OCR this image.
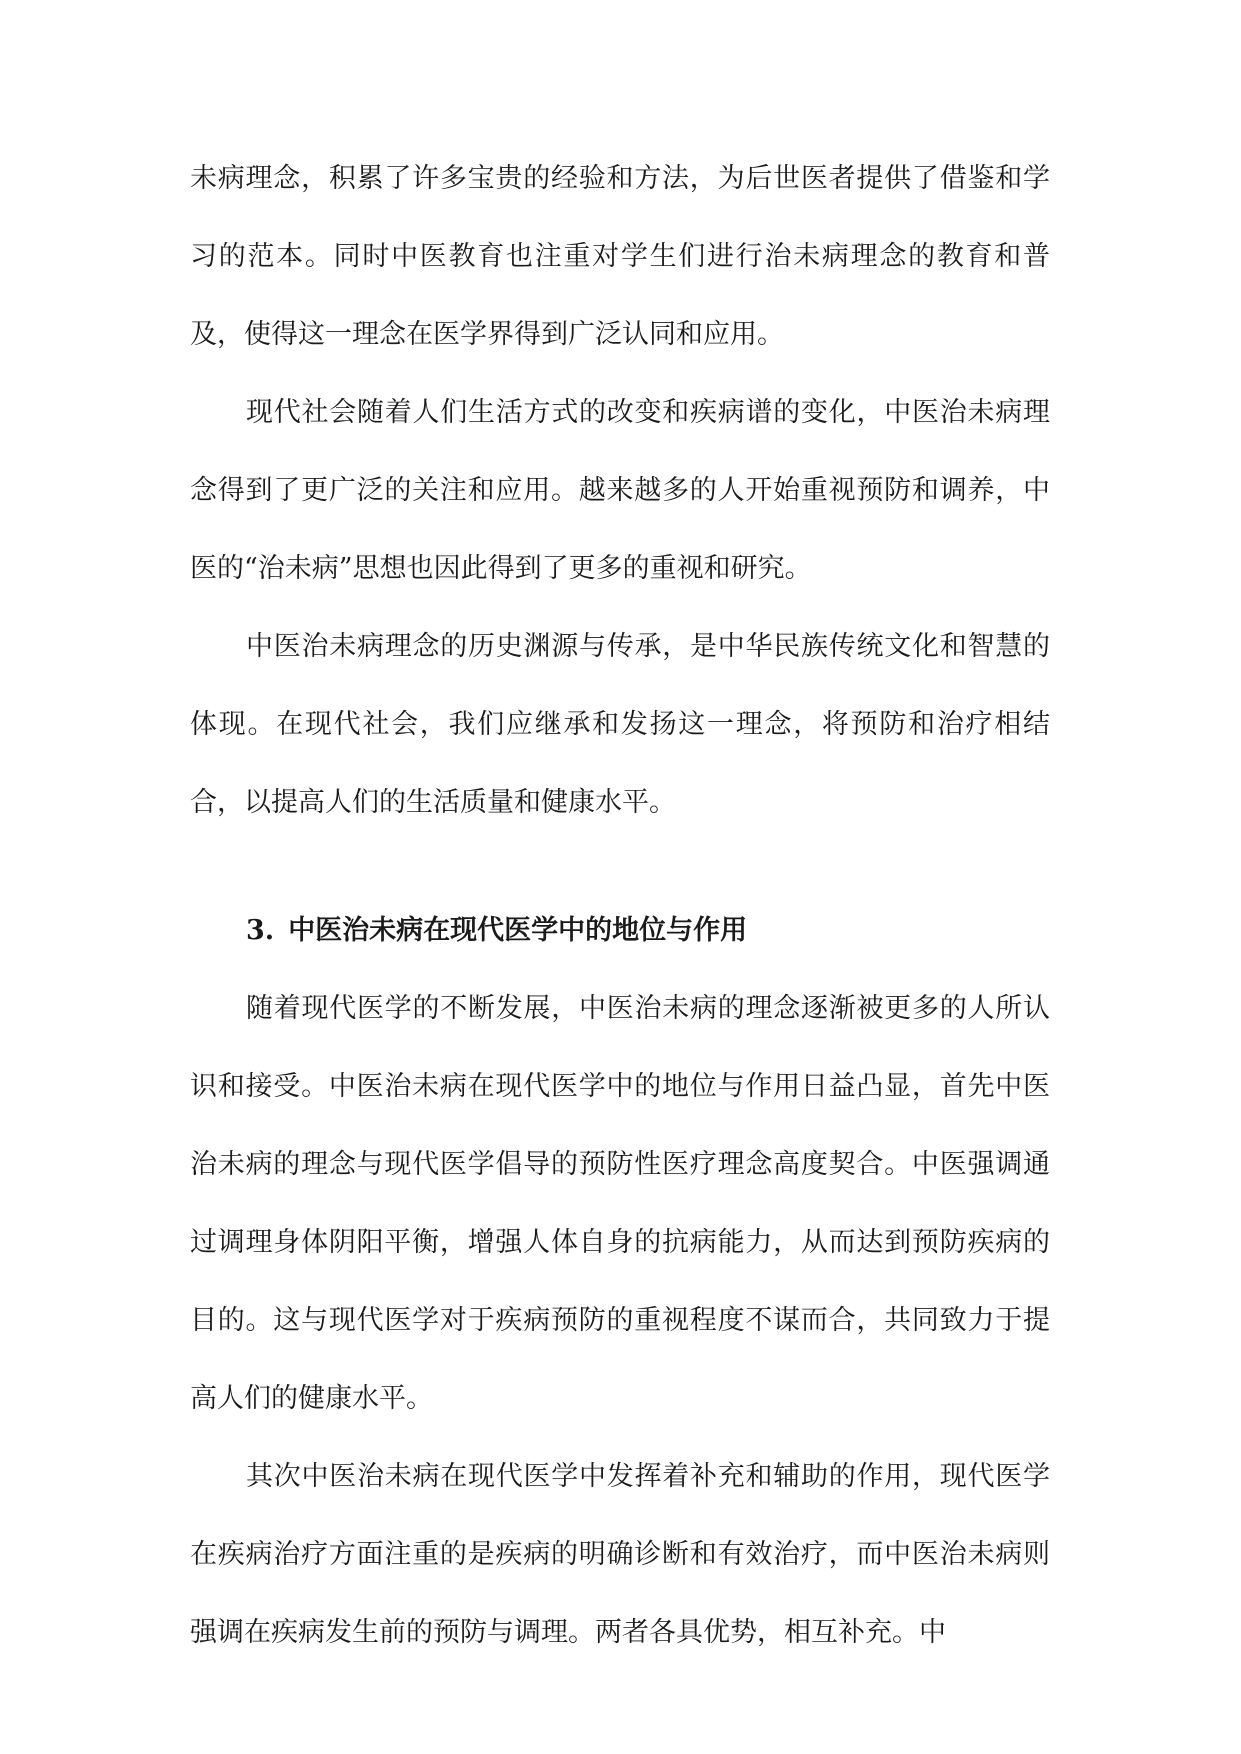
未病理念，积累了许多宝贵的经验和方法，为后世医者提供了借鉴和学习的范本。同时中医教育也注重对学生们进行治未病理念的教育和普及，使得这一理念在医学界得到广泛认同和应用。

现代社会随着人们生活方式的改变和疾病谱的变化，中医治未病理念得到了更广泛的关注和应用。越来越多的人开始重视预防和调养，中医的“治未病”思想也因此得到了更多的重视和研究。

中医治未病理念的历史渊源与传承，是中华民族传统文化和智慧的体现。在现代社会，我们应继承和发扬这一理念，将预防和治疗相结合，以提高人们的生活质量和健康水平。

3. 中医治未病在现代医学中的地位与作用

随着现代医学的不断发展，中医治未病的理念逐渐被更多的人所认识和接受。中医治未病在现代医学中的地位与作用日益凸显，首先中医治未病的理念与现代医学倡导的预防性医疗理念高度契合。中医强调通过调理身体阴阳平衡，增强人体自身的抗病能力，从而达到预防疾病的目的。这与现代医学对于疾病预防的重视程度不谋而合，共同致力于提高人们的健康水平。

其次中医治未病在现代医学中发挥着补充和辅助的作用，现代医学在疾病治疗方面注重的是疾病的明确诊断和有效治疗，而中医治未病则强调在疾病发生前的预防与调理。两者各具优势，相互补充。中
